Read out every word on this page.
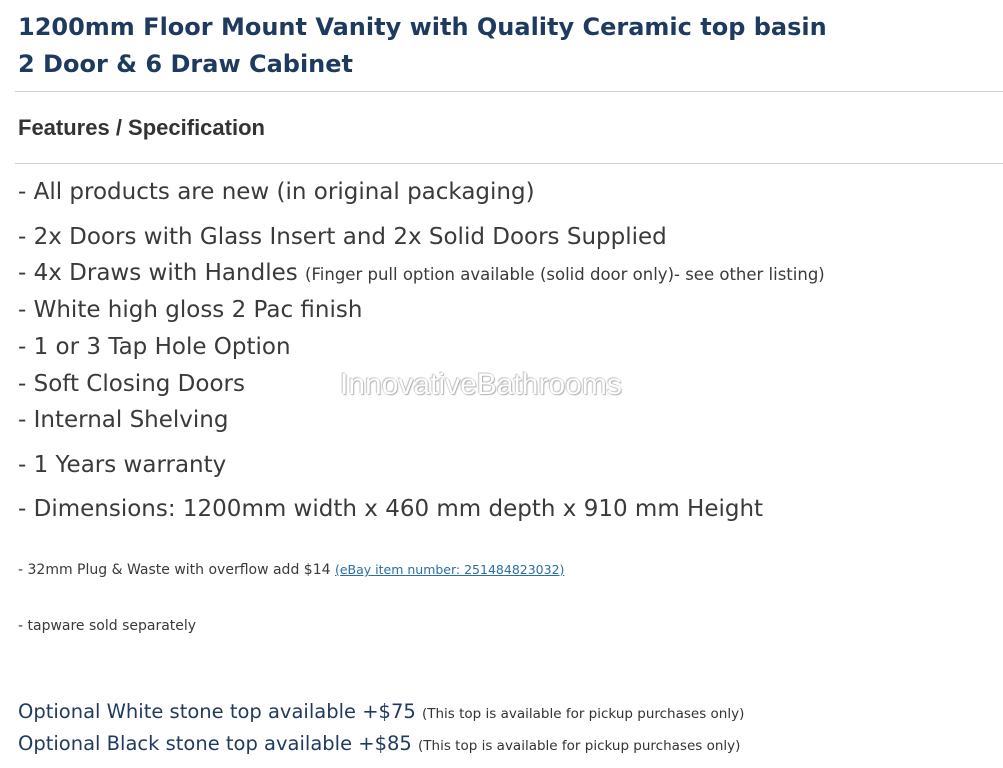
1200mm Floor Mount Vanity with Quality Ceramic top basin
2 Door & 6 Draw Cabinet
Features / Specification
- All products are new (in original packaging)
- 2x Doors with Glass Insert and 2x Solid Doors Supplied
- 4x Draws with Handles (Finger pull option available (solid door only)- see other listing)
- White high gloss 2 Pac finish
- 1 or 3 Tap Hole Option
- Soft Closing Doors
- Internal Shelving
- 1 Years warranty
- Dimensions: 1200mm width x 460 mm depth x 910 mm Height
- 32mm Plug & Waste with overflow add $14 (eBay item number: 251484823032)
- tapware sold separately
Optional White stone top available +$75 (This top is available for pickup purchases only)
Optional Black stone top available +$85 (This top is available for pickup purchases only)
InnovativeBathrooms
